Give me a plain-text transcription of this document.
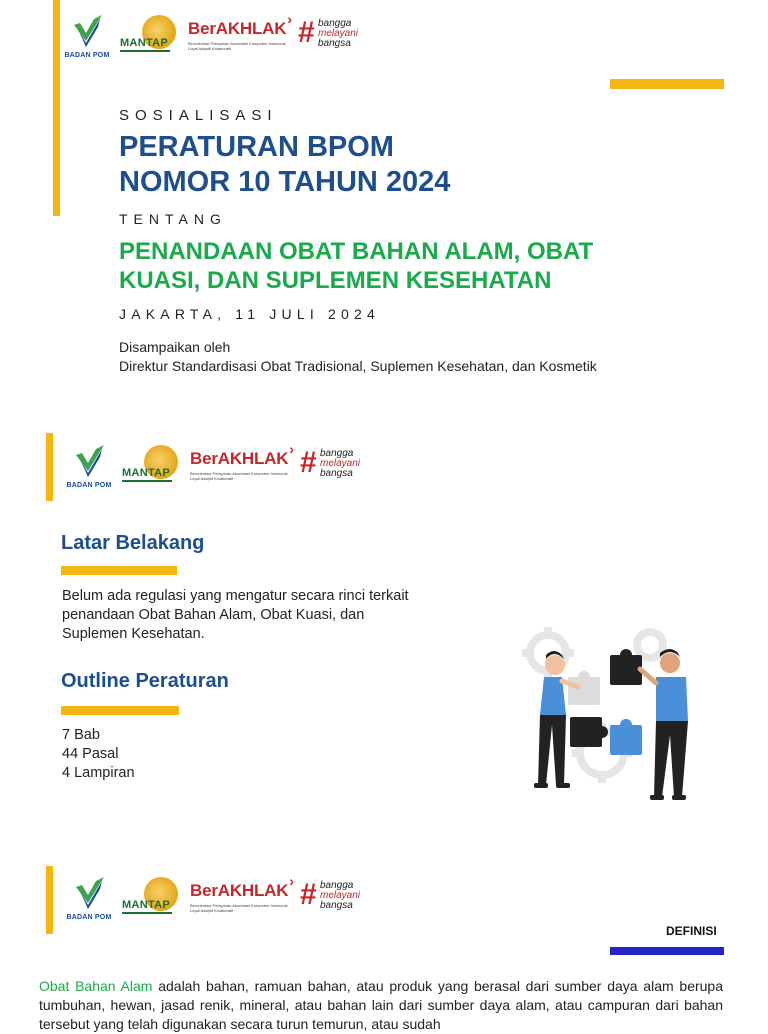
BADAN POM
MANTAP
BerAKHLAK ›
Berorientasi Pelayanan Akuntabel Kompeten Harmonis Loyal Adaptif Kolaboratif	# bangga
melayani
bangsa
SOSIALISASI
PERATURAN BPOM
NOMOR 10 TAHUN 2024
TENTANG
PENANDAAN OBAT BAHAN ALAM, OBAT
KUASI, DAN SUPLEMEN KESEHATAN
JAKARTA, 11 JULI 2024
Disampaikan oleh
Direktur Standardisasi Obat Tradisional, Suplemen Kesehatan, dan Kosmetik
BADAN POM
MANTAP
BerAKHLAK ›
Berorientasi Pelayanan Akuntabel Kompeten Harmonis Loyal Adaptif Kolaboratif	# bangga
melayani
bangsa
Latar Belakang
Belum ada regulasi yang mengatur secara rinci terkait
penandaan Obat Bahan Alam, Obat Kuasi, dan
Suplemen Kesehatan.
Outline Peraturan
7 Bab
44 Pasal
4 Lampiran
BADAN POM
MANTAP
BerAKHLAK ›
Berorientasi Pelayanan Akuntabel Kompeten Harmonis Loyal Adaptif Kolaboratif	# bangga
melayani
bangsa
DEFINISI
Obat Bahan Alam adalah bahan, ramuan bahan, atau produk yang berasal dari sumber daya alam berupa tumbuhan, hewan, jasad renik, mineral, atau bahan lain dari sumber daya alam, atau campuran dari bahan tersebut yang telah digunakan secara turun temurun, atau sudah
